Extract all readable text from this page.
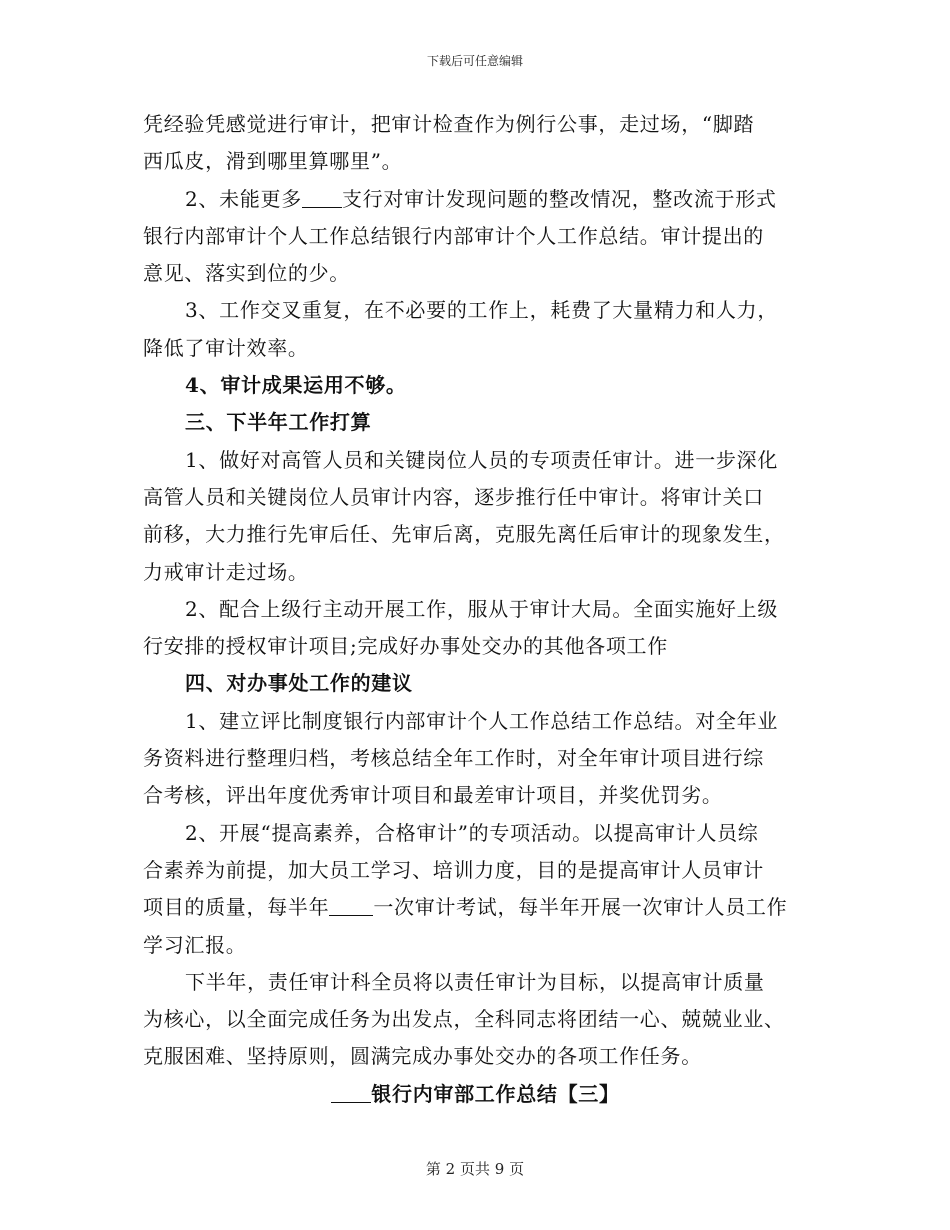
下载后可任意编辑
凭经验凭感觉进行审计，把审计检查作为例行公事，走过场，“脚踏
西瓜皮，滑到哪里算哪里”。
2、未能更多 支行对审计发现问题的整改情况，整改流于形式
银行内部审计个人工作总结银行内部审计个人工作总结。审计提出的
意见、落实到位的少。
3、工作交叉重复，在不必要的工作上，耗费了大量精力和人力，
降低了审计效率。
4、审计成果运用不够。
三、下半年工作打算
1、做好对高管人员和关键岗位人员的专项责任审计。进一步深化
高管人员和关键岗位人员审计内容，逐步推行任中审计。将审计关口
前移，大力推行先审后任、先审后离，克服先离任后审计的现象发生，
力戒审计走过场。
2、配合上级行主动开展工作，服从于审计大局。全面实施好上级
行安排的授权审计项目;完成好办事处交办的其他各项工作
四、对办事处工作的建议
1、建立评比制度银行内部审计个人工作总结工作总结。对全年业
务资料进行整理归档，考核总结全年工作时，对全年审计项目进行综
合考核，评出年度优秀审计项目和最差审计项目，并奖优罚劣。
2、开展“提高素养，合格审计”的专项活动。以提高审计人员综
合素养为前提，加大员工学习、培训力度，目的是提高审计人员审计
项目的质量，每半年 一次审计考试，每半年开展一次审计人员工作
学习汇报。
下半年，责任审计科全员将以责任审计为目标，以提高审计质量
为核心，以全面完成任务为出发点，全科同志将团结一心、兢兢业业、
克服困难、坚持原则，圆满完成办事处交办的各项工作任务。
银行内审部工作总结【三】
第 2 页共 9 页
